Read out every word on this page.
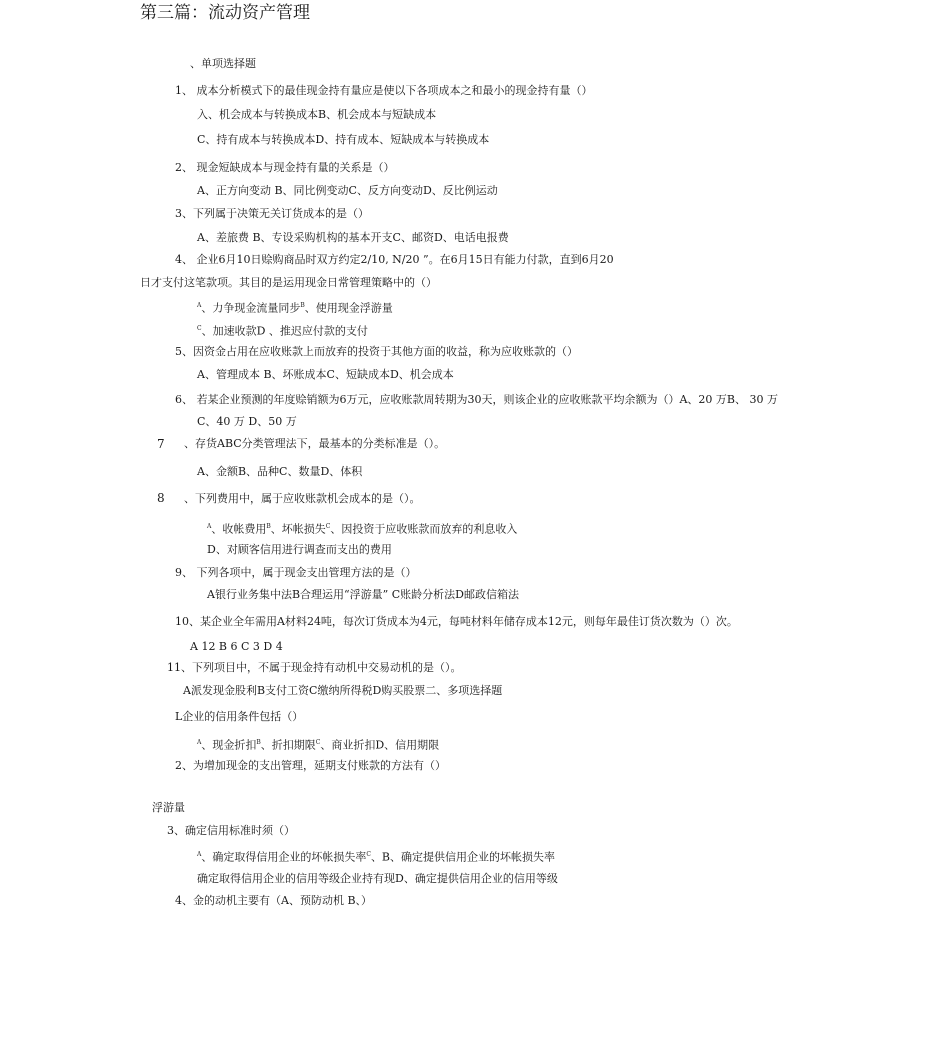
第三篇：流动资产管理
、单项选择题
1、 成本分析模式下的最佳现金持有量应是使以下各项成本之和最小的现金持有量（）
入、机会成本与转换成本B、机会成本与短缺成本
C、持有成本与转换成本D、持有成本、短缺成本与转换成本
2、 现金短缺成本与现金持有量的关系是（）
A、正方向变动 B、同比例变动C、反方向变动D、反比例运动
3、下列属于决策无关订货成本的是（）
A、差旅费 B、专设采购机构的基本开支C、邮资D、电话电报费
4、 企业6月10日赊购商品时双方约定2/10, N/20 ”。在6月15日有能力付款，直到6月20
日才支付这笔款项。其目的是运用现金日常管理策略中的（）
$^A$、力争现金流量同步$^B$、使用现金浮游量
$^C$、加速收款D 、推迟应付款的支付
5、因资金占用在应收账款上而放弃的投资于其他方面的收益，称为应收账款的（）
A、管理成本 B、坏账成本C、短缺成本D、机会成本
6、 若某企业预测的年度赊销额为6万元，应收账款周转期为30天，则该企业的应收账款平均余额为（）A、20 万B、 30 万
C、40 万 D、50 万
7 、存货ABC分类管理法下，最基本的分类标准是（）。
A、金额B、品种C、数量D、体积
8 、下列费用中，属于应收账款机会成本的是（）。
$^A$、收帐费用$^B$、坏帐损失$^C$、因投资于应收账款而放弃的利息收入
D、对顾客信用进行调查而支出的费用
9、 下列各项中，属于现金支出管理方法的是（）
A银行业务集中法B合理运用“浮游量” C账龄分析法D邮政信箱法
10、某企业全年需用A材料24吨，每次订货成本为4元，每吨材料年储存成本12元，则每年最佳订货次数为（）次。
A 12 B 6 C 3 D 4
11、下列项目中，不属于现金持有动机中交易动机的是（）。
A派发现金股利B支付工资C缴纳所得税D购买股票二、多项选择题
L企业的信用条件包括（）
$^A$、现金折扣$^B$、折扣期限$^C$、商业折扣D、信用期限
2、为增加现金的支出管理，延期支付账款的方法有（）
浮游量
3、确定信用标准时须（）
$^A$、确定取得信用企业的坏帐损失率$^C$、B、确定提供信用企业的坏帐损失率
确定取得信用企业的信用等级企业持有现D、确定提供信用企业的信用等级
4、金的动机主要有（A、预防动机 B、）
